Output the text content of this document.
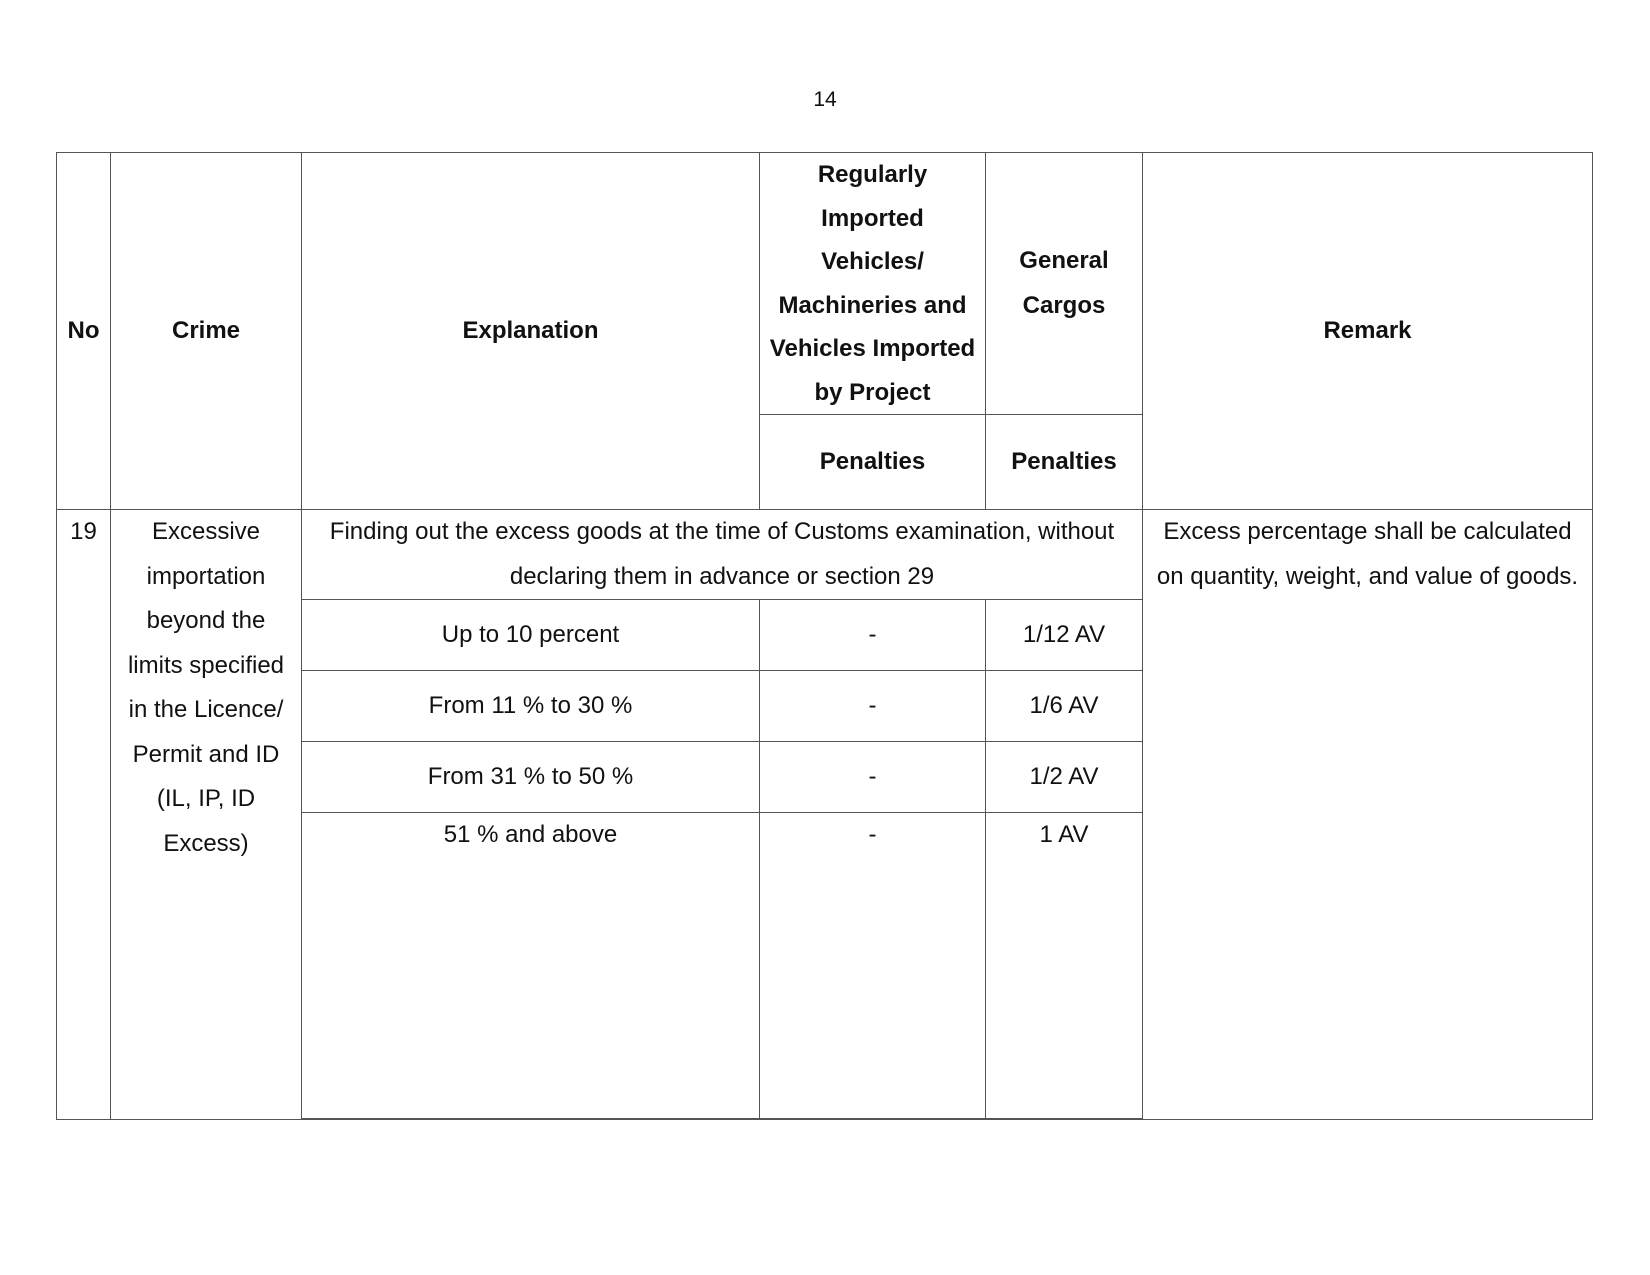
14
No	Crime	Explanation	Regularly Imported Vehicles/ Machineries and Vehicles Imported by Project	General Cargos	Remark
			Penalties	Penalties	
19	Excessive importation beyond the limits specified in the Licence/ Permit and ID (IL, IP, ID Excess)	Finding out the excess goods at the time of Customs examination, without declaring them in advance or section 29			Excess percentage shall be calculated on quantity, weight, and value of goods.
		Up to 10 percent	-	1/12 AV	
		From 11 % to 30 %	-	1/6 AV	
		From 31 % to 50 %	-	1/2 AV	
		51 % and above	-	1 AV	
